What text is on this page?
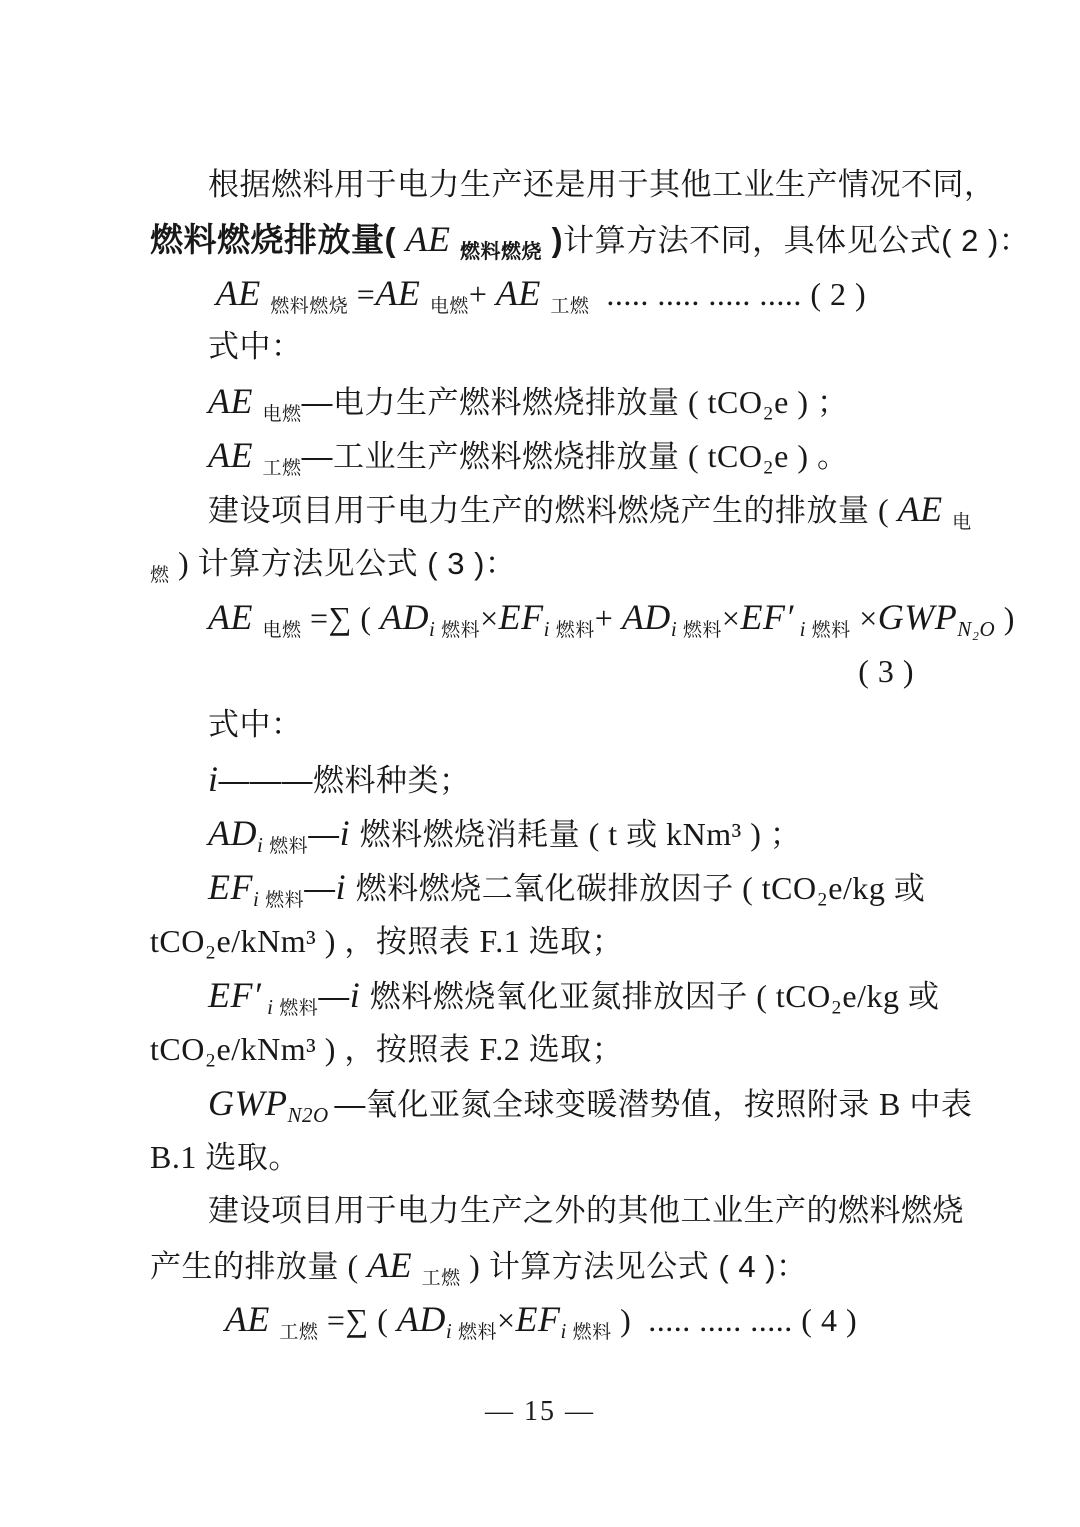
根据燃料用于电力生产还是用于其他工业生产情况不同，
燃料燃烧排放量( AE $_{燃料燃烧}$ )计算方法不同，具体见公式( 2 )：
AE $_{燃料燃烧}$ =AE $_{电燃}$+ AE $_{工燃}$  ..... ..... ..... ..... ( 2 )
式中：
AE $_{电燃}$—电力生产燃料燃烧排放量 ( tCO₂e ) ；
AE $_{工燃}$—工业生产燃料燃烧排放量 ( tCO₂e ) 。
建设项目用于电力生产的燃料燃烧产生的排放量 ( AE $_电$
$_燃$ ) 计算方法见公式 ( 3 )：
AE $_{电燃}$ =∑ ( $AD_i$ $_{燃料}\times EF_i$ $_{燃料}+ AD_i$ $_{燃料}$×EF′ $_i$ $_{燃料} \times GWP_{N_2O}$ )
( 3 )
式中：
i———燃料种类；
$AD_i$ $_{燃料}$—i 燃料燃烧消耗量 ( t 或 kNm³ ) ；
$EF_i$ $_{燃料}$—i 燃料燃烧二氧化碳排放因子 ( tCO₂e/kg 或
tCO₂e/kNm³ ) ，按照表 F.1 选取；
EF′ $_i$ $_{燃料}$—i 燃料燃烧氧化亚氮排放因子 ( tCO₂e/kg 或
tCO₂e/kNm³ ) ，按照表 F.2 选取；
$GWP_{N2O}$ —氧化亚氮全球变暖潜势值，按照附录 B 中表
B.1 选取。
建设项目用于电力生产之外的其他工业生产的燃料燃烧
产生的排放量 ( AE $_{工燃}$ ) 计算方法见公式 ( 4 )：
AE $_{工燃}$ =∑ ( $AD_i$ $_{燃料}\times EF_i$ $_{燃料}$ )  ..... ..... ..... ( 4 )
— 15 —
